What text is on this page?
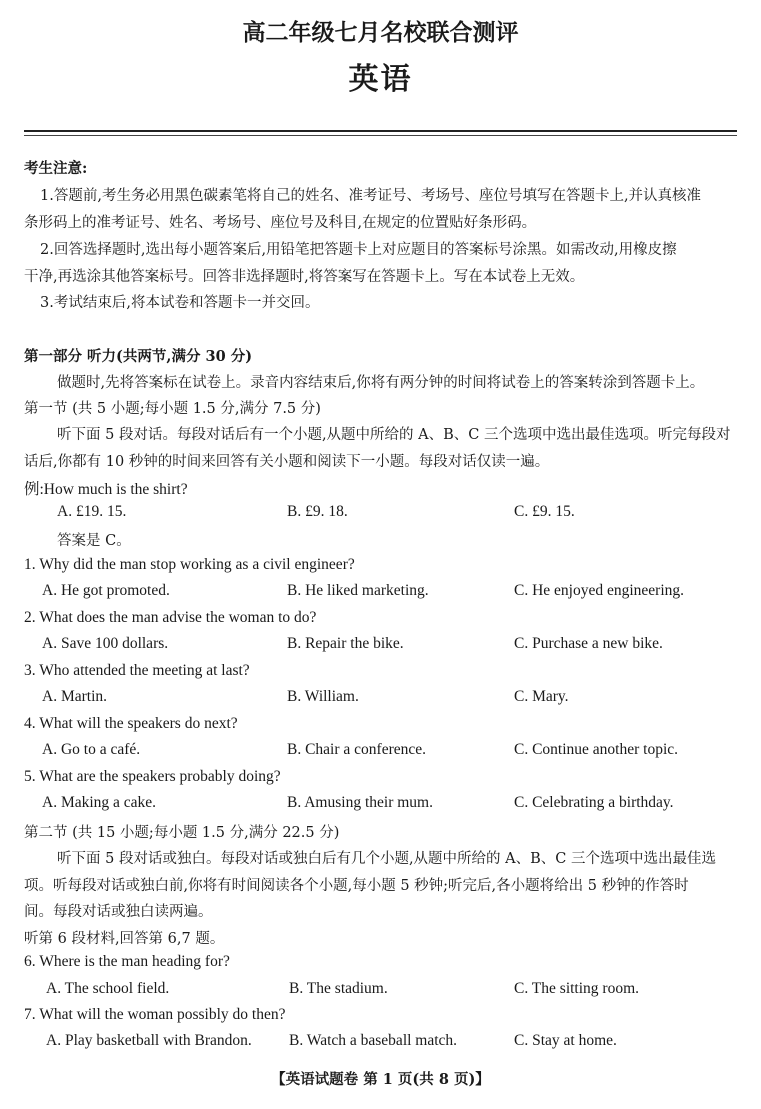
高二年级七月名校联合测评
英语
考生注意:
1.答题前,考生务必用黑色碳素笔将自己的姓名、准考证号、考场号、座位号填写在答题卡上,并认真核准
条形码上的准考证号、姓名、考场号、座位号及科目,在规定的位置贴好条形码。
2.回答选择题时,选出每小题答案后,用铅笔把答题卡上对应题目的答案标号涂黑。如需改动,用橡皮擦
干净,再选涂其他答案标号。回答非选择题时,将答案写在答题卡上。写在本试卷上无效。
3.考试结束后,将本试卷和答题卡一并交回。
第一部分 听力(共两节,满分 30 分)
做题时,先将答案标在试卷上。录音内容结束后,你将有两分钟的时间将试卷上的答案转涂到答题卡上。
第一节 (共 5 小题;每小题 1.5 分,满分 7.5 分)
听下面 5 段对话。每段对话后有一个小题,从题中所给的 A、B、C 三个选项中选出最佳选项。听完每段对
话后,你都有 10 秒钟的时间来回答有关小题和阅读下一小题。每段对话仅读一遍。
例:How much is the shirt?
A. £19. 15.	B. £9. 18.	C. £9. 15.
答案是 C。
1. Why did the man stop working as a civil engineer?
A. He got promoted.	B. He liked marketing.	C. He enjoyed engineering.
2. What does the man advise the woman to do?
A. Save 100 dollars.	B. Repair the bike.	C. Purchase a new bike.
3. Who attended the meeting at last?
A. Martin.	B. William.	C. Mary.
4. What will the speakers do next?
A. Go to a café.	B. Chair a conference.	C. Continue another topic.
5. What are the speakers probably doing?
A. Making a cake.	B. Amusing their mum.	C. Celebrating a birthday.
第二节 (共 15 小题;每小题 1.5 分,满分 22.5 分)
听下面 5 段对话或独白。每段对话或独白后有几个小题,从题中所给的 A、B、C 三个选项中选出最佳选
项。听每段对话或独白前,你将有时间阅读各个小题,每小题 5 秒钟;听完后,各小题将给出 5 秒钟的作答时
间。每段对话或独白读两遍。
听第 6 段材料,回答第 6,7 题。
6. Where is the man heading for?
A. The school field.	B. The stadium.	C. The sitting room.
7. What will the woman possibly do then?
A. Play basketball with Brandon. B. Watch a baseball match.	C. Stay at home.
【英语试题卷 第 1 页(共 8 页)】
